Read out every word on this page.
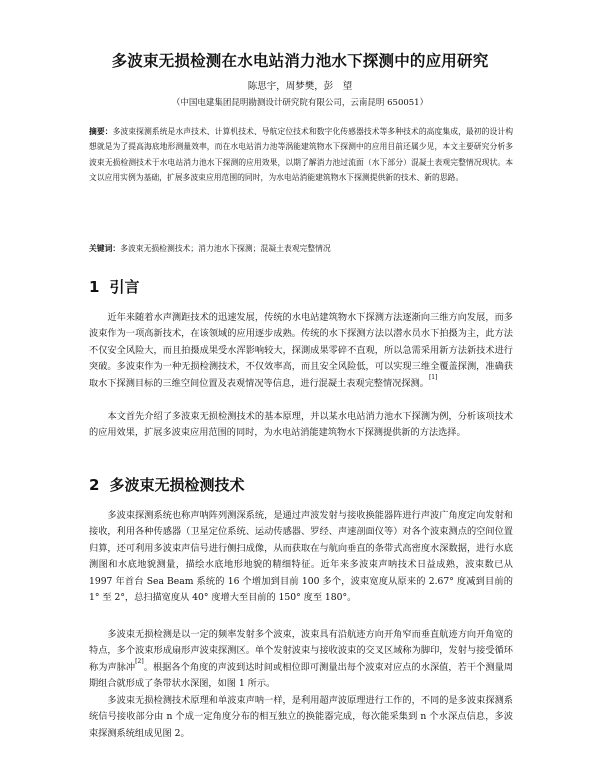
多波束无损检测在水电站消力池水下探测中的应用研究
陈思宇，周梦樊，彭　望
（中国电建集团昆明勘测设计研究院有限公司，云南昆明 650051）
摘要：多波束探测系统是水声技术、计算机技术、导航定位技术和数字化传感器技术等多种技术的高度集成，最初的设计构想就是为了提高海底地形测量效率，而在水电站消力池等涡能建筑物水下探测中的应用目前还属少见，本文主要研究分析多波束无损检测技术于水电站消力池水下探测的应用效果，以期了解消力池过流面（水下部分）混凝土表观完整情况现状。本文以应用实例为基础，扩展多波束应用范围的同时，为水电站消能建筑物水下探测提供新的技术、新的思路。
关键词：多波束无损检测技术；消力池水下探测；混凝土表观完整情况
1 引言

近年来随着水声测距技术的迅速发展，传统的水电站建筑物水下探测方法逐渐向三维方向发展，而多波束作为一项高新技术，在该领域的应用逐步成熟。传统的水下探测方法以潜水员水下拍摄为主，此方法不仅安全风险大，而且拍摄成果受水浑影响较大，探測成果零碎不直观，所以急需采用新方法新技术进行突破。多波束作为一种无损检测技术，不仅效率高，而且安全风险低，可以实现三维全覆盖探测，准确获取水下探测目标的三维空间位置及表观情况等信息，进行混凝土表观完整情况探测。[1]

本文首先介绍了多波束无损检测技术的基本原理，并以某水电站消力池水下探测为例，分析该项技术的应用效果，扩展多波束应用范围的同时，为水电站消能建筑物水下探测提供新的方法选择。

2 多波束无损检测技术

多波束探测系统也称声呐阵列测深系统，是通过声波发射与接收换能器阵进行声波广角度定向发射和接收，利用各种传感器（卫星定位系统、运动传感器、罗经、声速剖面仪等）对各个波束测点的空间位置归算，还可利用多波束声信号进行侧扫成像，从而获取在与航向垂直的条带式高密度水深数据，进行水底测图和水底地貌测量，描绘水底地形地貌的精细特征。近年来多波束声呐技术日益成熟，波束数已从 1997 年首台 Sea Beam 系统的 16 个增加到目前 100 多个，波束宽度从原来的 2.67° 度减到目前的 1° 至 2°，总扫描宽度从 40° 度增大至目前的 150° 度至 180°。

多波束无损检测是以一定的频率发射多个波束，波束具有沿航迹方向开角窄而垂直航迹方向开角宽的特点，多个波束形成扇形声波束探测区。单个发射波束与接收波束的交叉区域称为脚印，发射与接受循环称为声脉冲[2]。根据各个角度的声波到达时间或相位即可测量出每个波束对应点的水深值，若干个测量周期组合就形成了条带状水深图，如图 1 所示。

多波束无损检测技术原理和单波束声呐一样，是利用超声波原理进行工作的，不同的是多波束探测系统信号接收部分由 n 个成一定角度分布的相互独立的换能器完成，每次能采集到 n 个水深点信息，多波束探测系统组成见图 2。
